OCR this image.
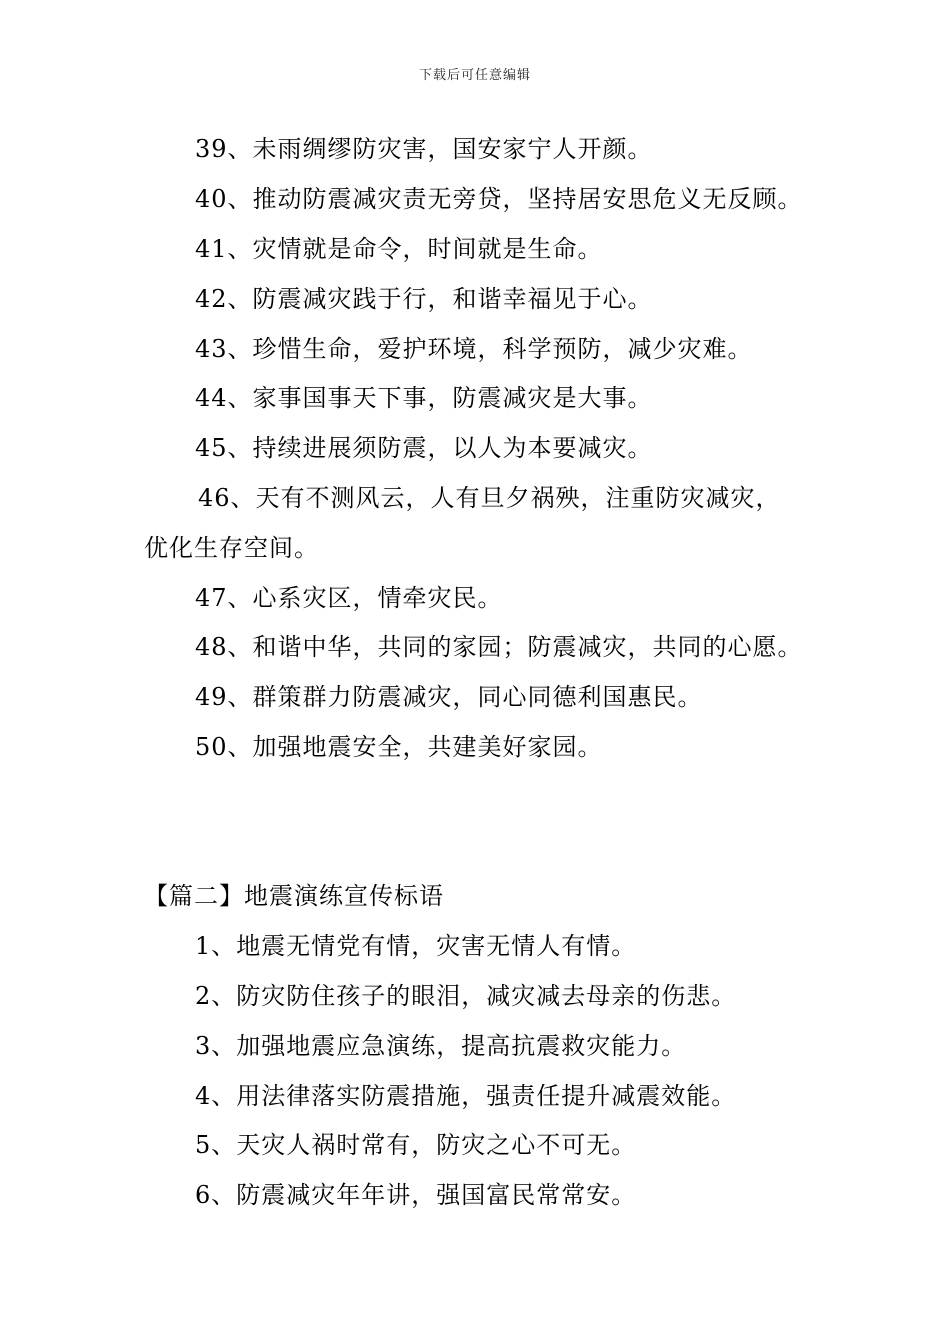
下载后可任意编辑
39、未雨绸缪防灾害，国安家宁人开颜。
40、推动防震减灾责无旁贷，坚持居安思危义无反顾。
41、灾情就是命令，时间就是生命。
42、防震减灾践于行，和谐幸福见于心。
43、珍惜生命，爱护环境，科学预防，减少灾难。
44、家事国事天下事，防震减灾是大事。
45、持续进展须防震，以人为本要减灾。
46、天有不测风云，人有旦夕祸殃，注重防灾减灾，
优化生存空间。
47、心系灾区，情牵灾民。
48、和谐中华，共同的家园；防震减灾，共同的心愿。
49、群策群力防震减灾，同心同德利国惠民。
50、加强地震安全，共建美好家园。
【篇二】地震演练宣传标语
1、地震无情党有情，灾害无情人有情。
2、防灾防住孩子的眼泪，减灾减去母亲的伤悲。
3、加强地震应急演练，提高抗震救灾能力。
4、用法律落实防震措施，强责任提升减震效能。
5、天灾人祸时常有，防灾之心不可无。
6、防震减灾年年讲，强国富民常常安。
